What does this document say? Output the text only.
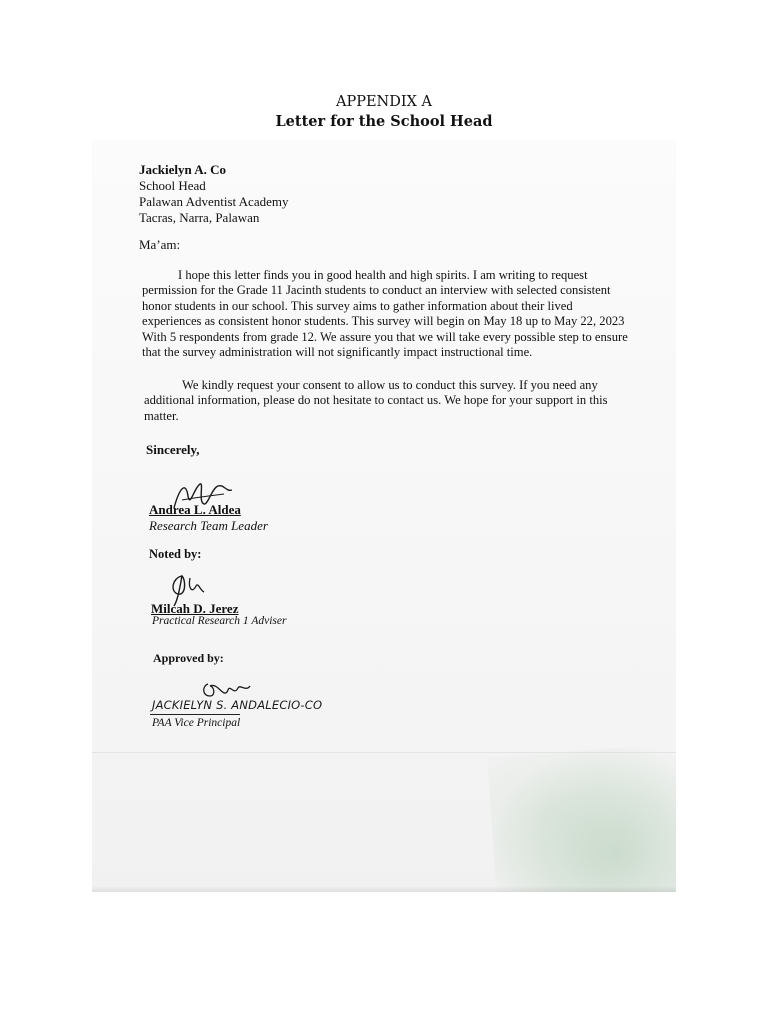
APPENDIX A
Letter for the School Head
Jackielyn A. Co
School Head
Palawan Adventist Academy
Tacras, Narra, Palawan
Ma’am:
I hope this letter finds you in good health and high spirits. I am writing to request
permission for the Grade 11 Jacinth students to conduct an interview with selected consistent
honor students in our school. This survey aims to gather information about their lived
experiences as consistent honor students. This survey will begin on May 18 up to May 22, 2023
With 5 respondents from grade 12. We assure you that we will take every possible step to ensure
that the survey administration will not significantly impact instructional time.
We kindly request your consent to allow us to conduct this survey. If you need any
additional information, please do not hesitate to contact us. We hope for your support in this
matter.
Sincerely,
Andrea L. Aldea
Research Team Leader
Noted by:
Milcah D. Jerez
Practical Research 1 Adviser
Approved by:
JACKIELYN S. ANDALECIO-CO
PAA Vice Principal
